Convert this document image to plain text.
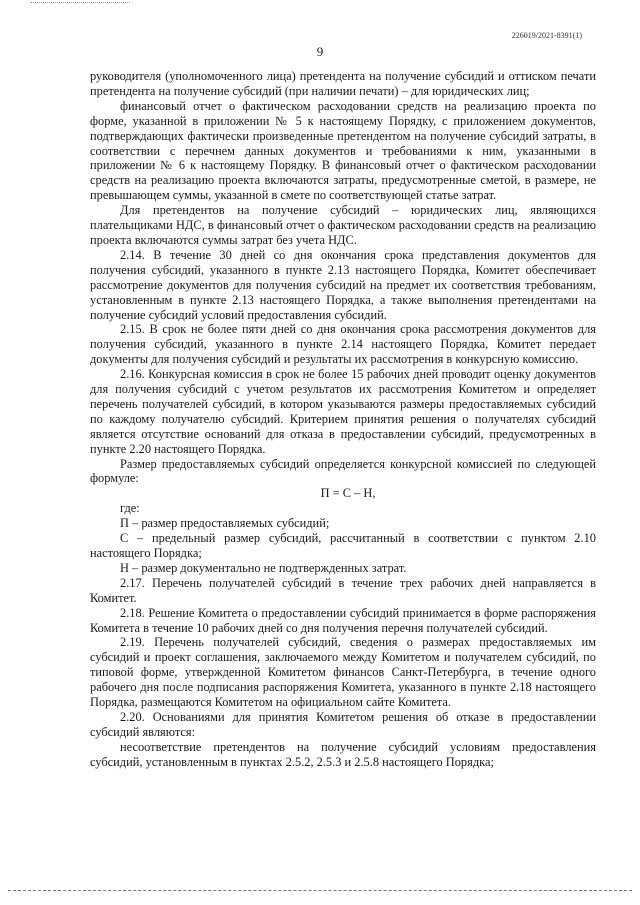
226019/2021-8391(1)
9

руководителя (уполномоченного лица) претендента на получение субсидий и оттиском печати претендента на получение субсидий (при наличии печати) – для юридических лиц;

финансовый отчет о фактическом расходовании средств на реализацию проекта по форме, указанной в приложении № 5 к настоящему Порядку, с приложением документов, подтверждающих фактически произведенные претендентом на получение субсидий затраты, в соответствии с перечнем данных документов и требованиями к ним, указанными в приложении № 6 к настоящему Порядку. В финансовый отчет о фактическом расходовании средств на реализацию проекта включаются затраты, предусмотренные сметой, в размере, не превышающем суммы, указанной в смете по соответствующей статье затрат.

Для претендентов на получение субсидий – юридических лиц, являющихся плательщиками НДС, в финансовый отчет о фактическом расходовании средств на реализацию проекта включаются суммы затрат без учета НДС.

2.14. В течение 30 дней со дня окончания срока представления документов для получения субсидий, указанного в пункте 2.13 настоящего Порядка, Комитет обеспечивает рассмотрение документов для получения субсидий на предмет их соответствия требованиям, установленным в пункте 2.13 настоящего Порядка, а также выполнения претендентами на получение субсидий условий предоставления субсидий.

2.15. В срок не более пяти дней со дня окончания срока рассмотрения документов для получения субсидий, указанного в пункте 2.14 настоящего Порядка, Комитет передает документы для получения субсидий и результаты их рассмотрения в конкурсную комиссию.

2.16. Конкурсная комиссия в срок не более 15 рабочих дней проводит оценку документов для получения субсидий с учетом результатов их рассмотрения Комитетом и определяет перечень получателей субсидий, в котором указываются размеры предоставляемых субсидий по каждому получателю субсидий. Критерием принятия решения о получателях субсидий является отсутствие оснований для отказа в предоставлении субсидий, предусмотренных в пункте 2.20 настоящего Порядка.

Размер предоставляемых субсидий определяется конкурсной комиссией по следующей формуле:

П = С – Н,

где:

П – размер предоставляемых субсидий;

С – предельный размер субсидий, рассчитанный в соответствии с пунктом 2.10 настоящего Порядка;

Н – размер документально не подтвержденных затрат.

2.17. Перечень получателей субсидий в течение трех рабочих дней направляется в Комитет.

2.18. Решение Комитета о предоставлении субсидий принимается в форме распоряжения Комитета в течение 10 рабочих дней со дня получения перечня получателей субсидий.

2.19. Перечень получателей субсидий, сведения о размерах предоставляемых им субсидий и проект соглашения, заключаемого между Комитетом и получателем субсидий, по типовой форме, утвержденной Комитетом финансов Санкт-Петербурга, в течение одного рабочего дня после подписания распоряжения Комитета, указанного в пункте 2.18 настоящего Порядка, размещаются Комитетом на официальном сайте Комитета.

2.20. Основаниями для принятия Комитетом решения об отказе в предоставлении субсидий являются:

несоответствие претендентов на получение субсидий условиям предоставления субсидий, установленным в пунктах 2.5.2, 2.5.3 и 2.5.8 настоящего Порядка;
